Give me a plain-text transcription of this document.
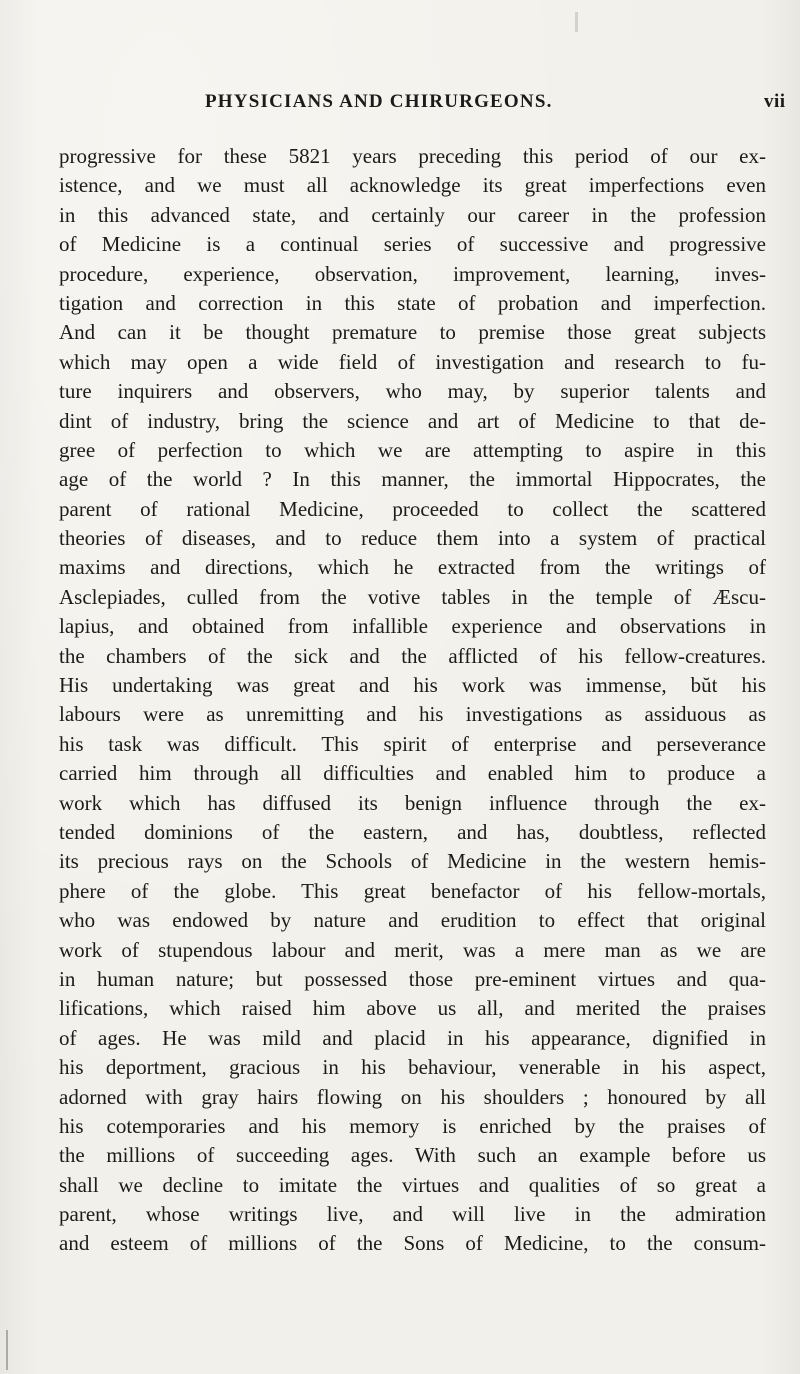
PHYSICIANS AND CHIRURGEONS.	vii
progressive for these 5821 years preceding this period of our ex-
istence, and we must all acknowledge its great imperfections even
in this advanced state, and certainly our career in the profession
of Medicine is a continual series of successive and progressive
procedure, experience, observation, improvement, learning, inves-
tigation and correction in this state of probation and imperfection.
And can it be thought premature to premise those great subjects
which may open a wide field of investigation and research to fu-
ture inquirers and observers, who may, by superior talents and
dint of industry, bring the science and art of Medicine to that de-
gree of perfection to which we are attempting to aspire in this
age of the world ? In this manner, the immortal Hippocrates, the
parent of rational Medicine, proceeded to collect the scattered
theories of diseases, and to reduce them into a system of practical
maxims and directions, which he extracted from the writings of
Asclepiades, culled from the votive tables in the temple of Æscu-
lapius, and obtained from infallible experience and observations in
the chambers of the sick and the afflicted of his fellow-creatures.
His undertaking was great and his work was immense, bŭt his
labours were as unremitting and his investigations as assiduous as
his task was difficult. This spirit of enterprise and perseverance
carried him through all difficulties and enabled him to produce a
work which has diffused its benign influence through the ex-
tended dominions of the eastern, and has, doubtless, reflected
its precious rays on the Schools of Medicine in the western hemis-
phere of the globe. This great benefactor of his fellow-mortals,
who was endowed by nature and erudition to effect that original
work of stupendous labour and merit, was a mere man as we are
in human nature; but possessed those pre-eminent virtues and qua-
lifications, which raised him above us all, and merited the praises
of ages. He was mild and placid in his appearance, dignified in
his deportment, gracious in his behaviour, venerable in his aspect,
adorned with gray hairs flowing on his shoulders ; honoured by all
his cotemporaries and his memory is enriched by the praises of
the millions of succeeding ages. With such an example before us
shall we decline to imitate the virtues and qualities of so great a
parent, whose writings live, and will live in the admiration
and esteem of millions of the Sons of Medicine, to the consum-
